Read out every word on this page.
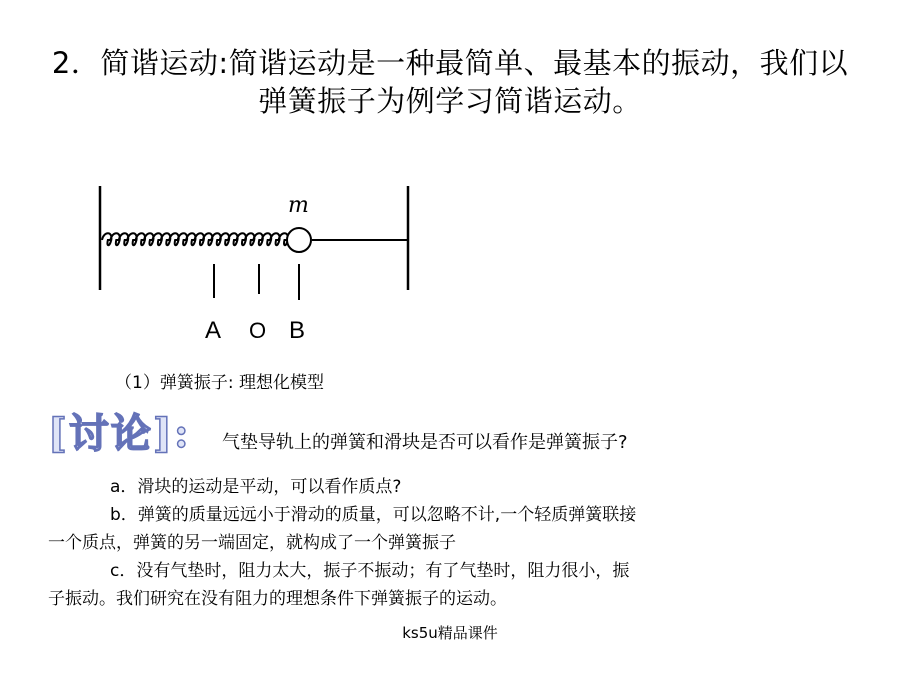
2．简谐运动:简谐运动是一种最简单、最基本的振动，我们以
弹簧振子为例学习简谐运动。
m
A O B
（1）弹簧振子: 理想化模型
[讨论]: 气垫导轨上的弹簧和滑块是否可以看作是弹簧振子?
a．滑块的运动是平动，可以看作质点?
b．弹簧的质量远远小于滑动的质量，可以忽略不计,一个轻质弹簧联接
一个质点，弹簧的另一端固定，就构成了一个弹簧振子
c．没有气垫时，阻力太大，振子不振动；有了气垫时，阻力很小，振
子振动。我们研究在没有阻力的理想条件下弹簧振子的运动。
ks5u精品课件
